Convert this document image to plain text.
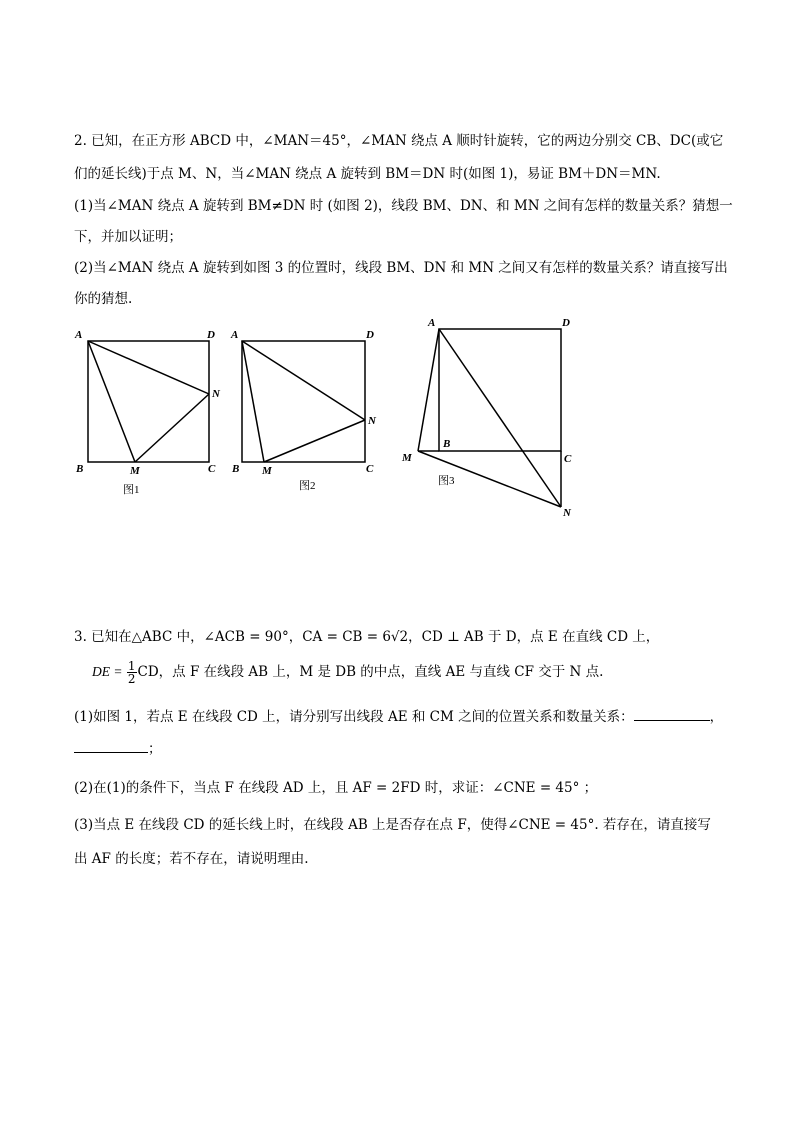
2. 已知，在正方形 ABCD 中，∠MAN＝45°，∠MAN 绕点 A 顺时针旋转，它的两边分别交 CB、DC(或它
们的延长线)于点 M、N，当∠MAN 绕点 A 旋转到 BM＝DN 时(如图 1)，易证 BM＋DN＝MN.
(1)当∠MAN 绕点 A 旋转到 BM≠DN 时 (如图 2)，线段 BM、DN、和 MN 之间有怎样的数量关系？猜想一
下，并加以证明；
(2)当∠MAN 绕点 A 旋转到如图 3 的位置时，线段 BM、DN 和 MN 之间又有怎样的数量关系？请直接写出
你的猜想.
A	D
N
B	M	C
图1
A	D
N
B M	C
图2
A	D
B
M	C
N
图3
3. 已知在△ABC 中，∠ACB = 90°，CA = CB = 6√2，CD ⊥ AB 于 D，点 E 在直线 CD 上，
DE = $\frac{1}{2}$ CD，点 F 在线段 AB 上，M 是 DB 的中点，直线 AE 与直线 CF 交于 N 点.
(1)如图 1，若点 E 在线段 CD 上，请分别写出线段 AE 和 CM 之间的位置关系和数量关系：	，
；
(2)在(1)的条件下，当点 F 在线段 AD 上，且 AF = 2FD 时，求证：∠CNE = 45° ；
(3)当点 E 在线段 CD 的延长线上时，在线段 AB 上是否存在点 F，使得∠CNE = 45°. 若存在，请直接写
出 AF 的长度；若不存在，请说明理由.
